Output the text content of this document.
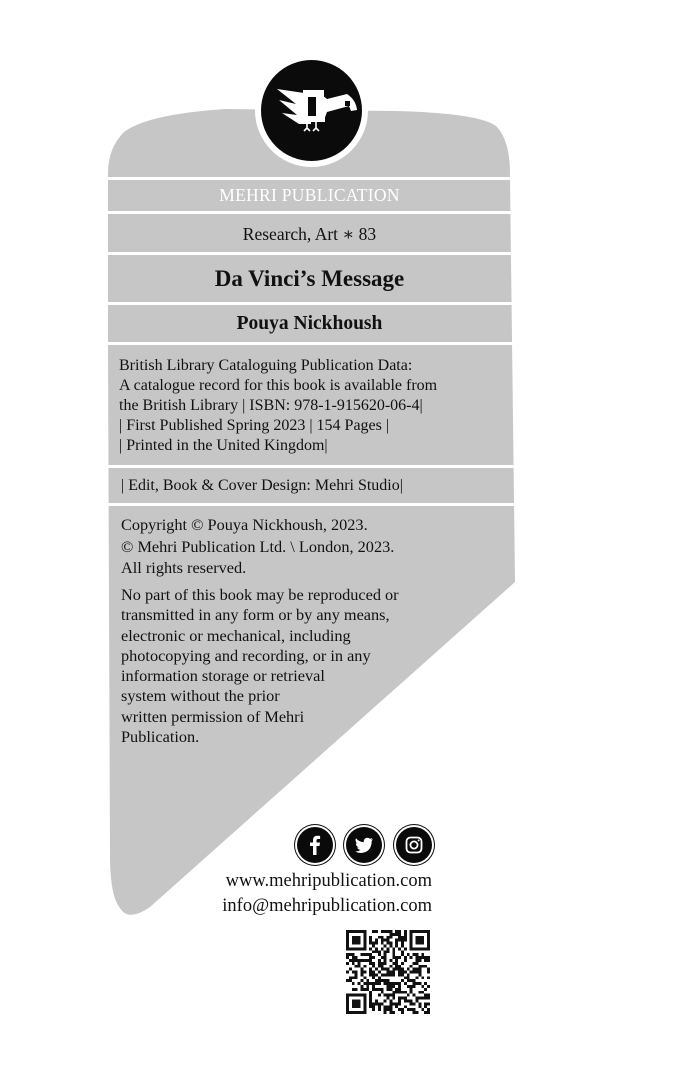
MEHRI PUBLICATION
Research, Art ∗ 83
Da Vinci’s Message
Pouya Nickhoush
British Library Cataloguing Publication Data:
A catalogue record for this book is available from
the British Library | ISBN: 978-1-915620-06-4|
| First Published Spring 2023 | 154 Pages |
| Printed in the United Kingdom|
| Edit, Book & Cover Design: Mehri Studio|
Copyright © Pouya Nickhoush, 2023.
© Mehri Publication Ltd. \ London, 2023.
All rights reserved.
No part of this book may be reproduced or
transmitted in any form or by any means,
electronic or mechanical, including
photocopying and recording, or in any
information storage or retrieval
system without the prior
written permission of Mehri
Publication.
www.mehripublication.com
info@mehripublication.com
